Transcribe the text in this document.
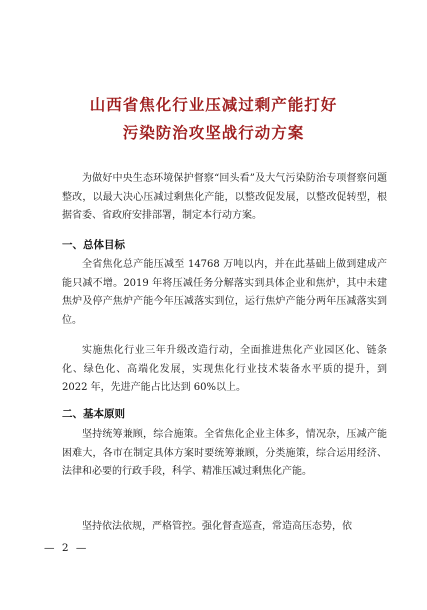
山西省焦化行业压减过剩产能打好
污染防治攻坚战行动方案

为做好中央生态环境保护督察“回头看”及大气污染防治专项督察问题整改，以最大决心压减过剩焦化产能，以整改促发展，以整改促转型，根据省委、省政府安排部署，制定本行动方案。

一、总体目标

全省焦化总产能压减至 14768 万吨以内，并在此基础上做到建成产能只减不增。2019 年将压减任务分解落实到具体企业和焦炉，其中未建焦炉及停产焦炉产能今年压减落实到位，运行焦炉产能分两年压减落实到位。

实施焦化行业三年升级改造行动，全面推进焦化产业园区化、链条化、绿色化、高端化发展，实现焦化行业技术装备水平质的提升，到 2022 年，先进产能占比达到 60%以上。

二、基本原则

坚持统筹兼顾，综合施策。全省焦化企业主体多，情况杂，压减产能困难大，各市在制定具体方案时要统筹兼顾，分类施策，综合运用经济、法律和必要的行政手段，科学、精准压减过剩焦化产能。

坚持依法依规，严格管控。强化督查巡查，常造高压态势，依

— 2 —
